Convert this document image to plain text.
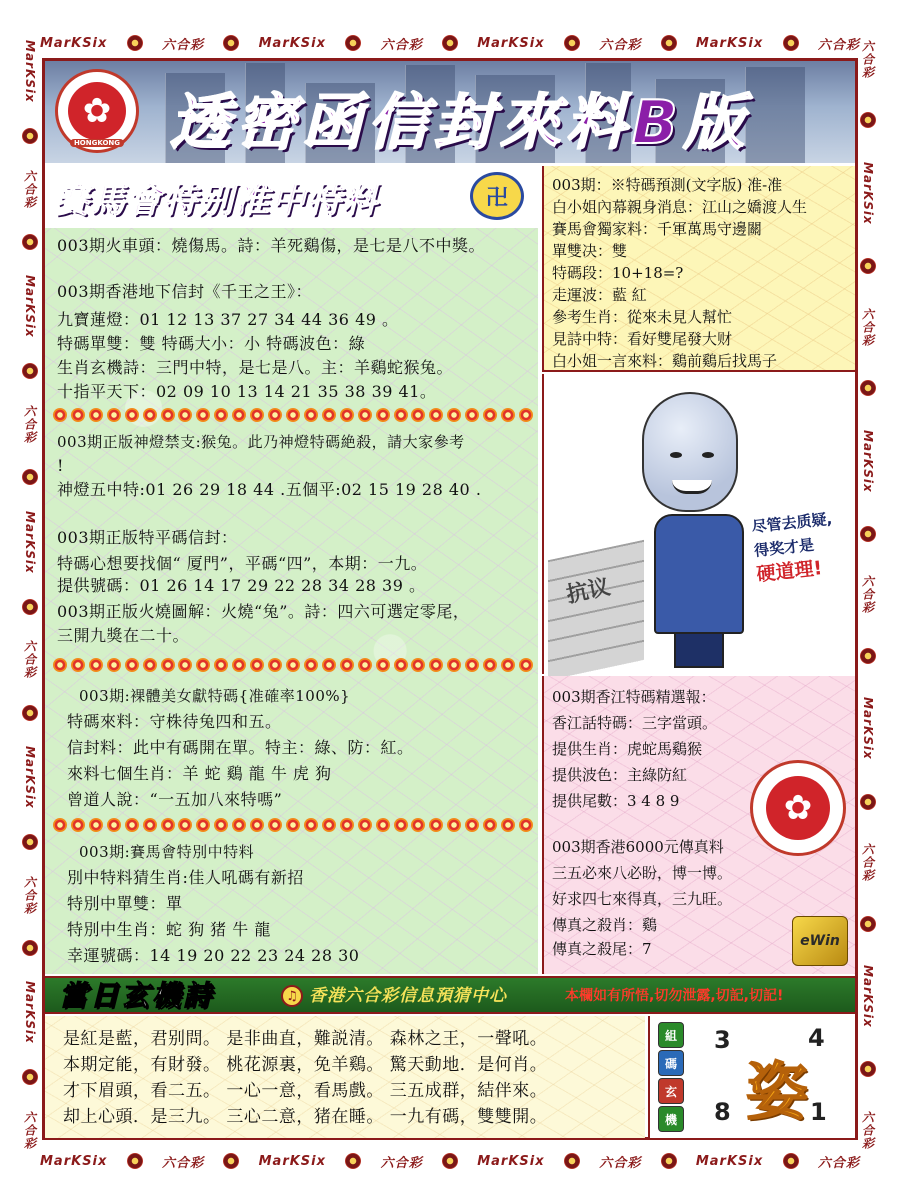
MarKSix	六合彩	MarKSix	六合彩	MarKSix	六合彩	MarKSix	六合彩
MarKSix	六合彩	MarKSix	六合彩	MarKSix	六合彩	MarKSix	六合彩
MarKSix
六合彩
MarKSix
六合彩
MarKSix
六合彩
MarKSix
六合彩
MarKSix
六合彩
六合彩
MarKSix
六合彩
MarKSix
六合彩
MarKSix
六合彩
MarKSix
六合彩
✿
HONGKONG 透密函信封來料B版
賽馬會特别准中特料	卍
003期火車頭：燒傷馬。詩：羊死鷄傷，是七是八不中獎。
003期香港地下信封《千王之王》：
九寶蓮燈：01 12 13 37 27 34 44 36 49 。
特碼單雙：雙 特碼大小：小 特碼波色：綠
生肖玄機詩：三門中特，是七是八。主：羊鷄蛇猴兔。
十指平天下：02 09 10 13 14 21 35 38 39 41。
003期正版神燈禁支:猴兔。此乃神燈特碼絶殺，請大家參考
!
神燈五中特:01 26 29 18 44 .五個平:02 15 19 28 40 .
003期正版特平碼信封：
特碼心想要找個“ 厦門”，平碼“四”，本期：一九。
提供號碼：01 26 14 17 29 22 28 34 28 39 。
003期正版火燒圖解：火燒“兔”。詩：四六可選定零尾，
三開九獎在二十。
003期:裸體美女獻特碼{准確率100%}
特碼來料：守株待兔四和五。
信封料：此中有碼開在單。特主：綠、防：紅。
來料七個生肖：羊 蛇 鷄 龍 牛 虎 狗
曾道人說：“一五加八來特嗎”
003期:賽馬會特別中特料
別中特料猜生肖:佳人吼碼有新招
特別中單雙：單
特別中生肖：蛇 狗 猪 牛 龍
幸運號碼：14 19 20 22 23 24 28 30
003期：※特碼預測(文字版) 准-准
白小姐內幕親身消息：江山之嬌渡人生
賽馬會獨家料：千軍萬馬守邊關
單雙决：雙
特碼段：10+18=?
走運波：藍 紅
參考生肖：從來未見人幫忙
見詩中特：看好雙尾發大财
白小姐一言來料：鷄前鷄后找馬子
抗议
尽管去质疑,
得奖才是
硬道理!
003期香江特碼精選報：
香江話特碼：三字當頭。
提供生肖：虎蛇馬鷄猴
提供波色：主綠防紅
提供尾數：3 4 8 9	✿
003期香港6000元傳真料
三五必來八必盼，博一博。
好求四七來得真，三九旺。
傳真之殺肖：鷄
傳真之殺尾：7	eWin
當日玄機詩	♫ 香港六合彩信息預猜中心	本欄如有所悟,切勿泄露,切記,切記!
是紅是藍，君别問。 是非曲直，難説清。 森林之王，一聲吼。
本期定能，有財發。 桃花源裏，免羊鷄。 驚天動地．是何肖。
才下眉頭，看二五。 一心一意，看馬戲。 三五成群，結伴來。
却上心頭．是三九。 三心二意，猪在睡。 一九有碼，雙雙開。
組
碼
玄
機
3	4
8	1
姿
